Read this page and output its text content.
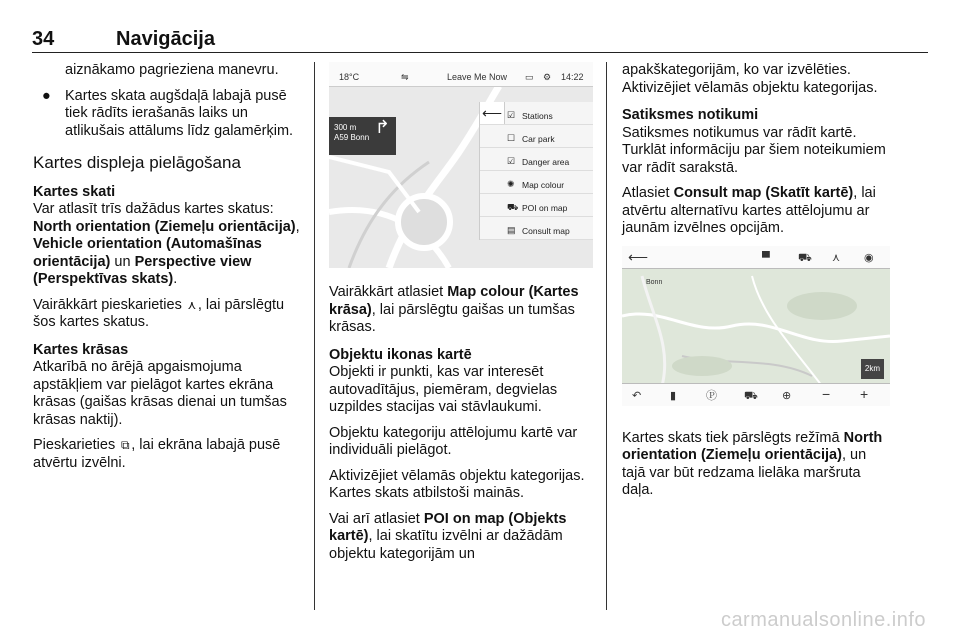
34	Navigācija

aiznākamo pagrieziena manevru.

● Kartes skata augšdaļā labajā pusē tiek rādīts ierašanās laiks un atlikušais attālums līdz galamērķim.

Kartes displeja pielāgošana
Kartes skati

Var atlasīt trīs dažādus kartes skatus: North orientation (Ziemeļu orientācija), Vehicle orientation (Automašīnas orientācija) un Perspective view (Perspektīvas skats).

Vairākkārt pieskarieties ⋏ , lai pārslēgtu šos kartes skatus.

Kartes krāsas

Atkarībā no ārējā apgaismojuma apstākļiem var pielāgot kartes ekrāna krāsas (gaišas krāsas dienai un tumšas krāsas naktij).

Pieskarieties ⧉ , lai ekrāna labajā pusē atvērtu izvēlni.

18°C	⇋	Leave Me Now ▭ ⚙ 14:22
300 m
A59 Bonn
↱
⟵ ☑ Stations
☐ Car park
☑ Danger area
✺ Map colour
⛟ POI on map
▤ Consult map

Vairākkārt atlasiet Map colour (Kartes krāsa), lai pārslēgtu gaišas un tumšas krāsas.

Objektu ikonas kartē

Objekti ir punkti, kas var interesēt autovadītājus, piemēram, degvielas uzpildes stacijas vai stāvlaukumi.

Objektu kategoriju attēlojumu kartē var individuāli pielāgot.

Aktivizējiet vēlamās objektu kategorijas. Kartes skats atbilstoši mainās.

Vai arī atlasiet POI on map (Objekts kartē), lai skatītu izvēlni ar dažādām objektu kategorijām un

apakškategorijām, ko var izvēlēties. Aktivizējiet vēlamās objektu kategorijas.

Satiksmes notikumi

Satiksmes notikumus var rādīt kartē. Turklāt informāciju par šiem noteikumiem var rādīt sarakstā.

Atlasiet Consult map (Skatīt kartē), lai atvērtu alternatīvu kartes attēlojumu ar jaunām izvēlnes opcijām.

⟵	▀	⛟ ⋏ ◉
Bonn
2km
↶	▮	Ⓟ ⛟ ⊕ − +

Kartes skats tiek pārslēgts režīmā North orientation (Ziemeļu orientācija), un tajā var būt redzama lielāka maršruta daļa.

carmanualsonline.info
